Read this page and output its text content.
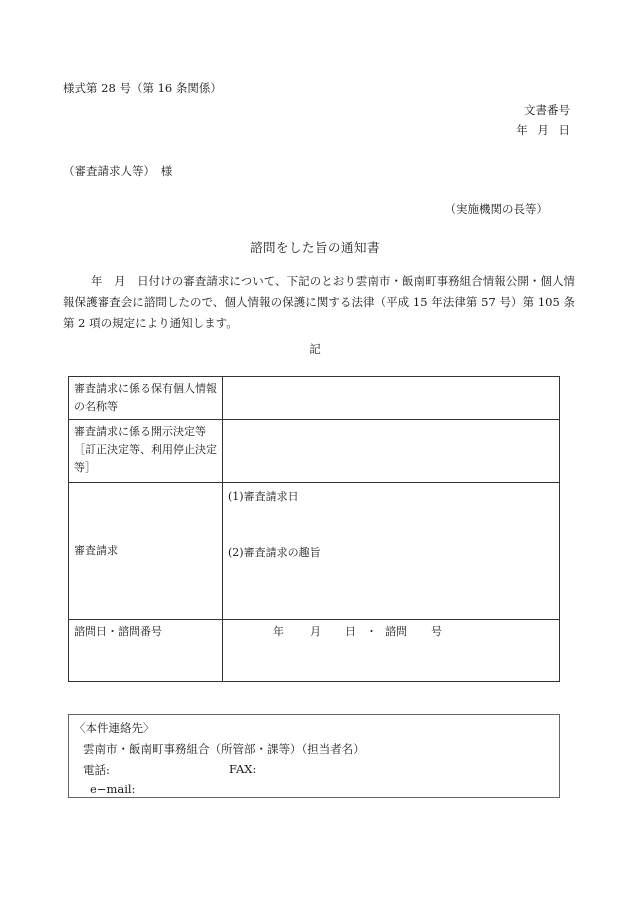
様式第 28 号（第 16 条関係）
文書番号
年 月 日
（審査請求人等）　様
（実施機関の長等）
諮問をした旨の通知書
年　月　日付けの審査請求について、下記のとおり雲南市・飯南町事務組合情報公開・個人情報保護審査会に諮問したので、個人情報の保護に関する法律（平成 15 年法律第 57 号）第 105 条第 2 項の規定により通知します。
記
審査請求に係る保有個人情報の名称等	
審査請求に係る開示決定等［訂正決定等、利用停止決定等］	
審査請求	(1)審査請求日
(2)審査請求の趣旨

諮問日・諮問番号	年 月 日 ・ 諮問 号
〈本件連絡先〉
雲南市・飯南町事務組合（所管部・課等）（担当者名）
電話:	FAX:
e−mail:
